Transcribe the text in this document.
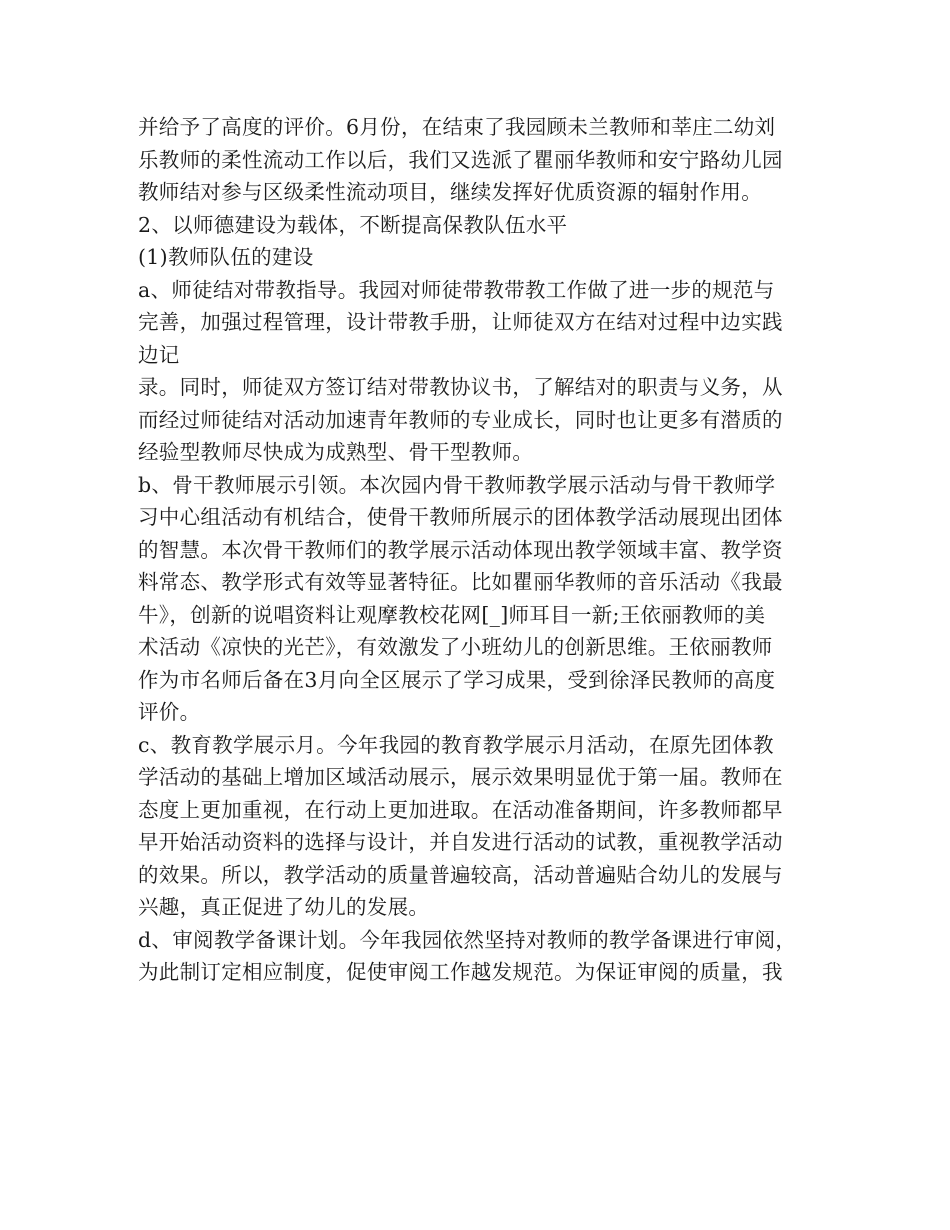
并给予了高度的评价。6月份，在结束了我园顾未兰教师和莘庄二幼刘
乐教师的柔性流动工作以后，我们又选派了瞿丽华教师和安宁路幼儿园
教师结对参与区级柔性流动项目，继续发挥好优质资源的辐射作用。
2、以师德建设为载体，不断提高保教队伍水平
(1)教师队伍的建设
a、师徒结对带教指导。我园对师徒带教带教工作做了进一步的规范与
完善，加强过程管理，设计带教手册，让师徒双方在结对过程中边实践
边记
录。同时，师徒双方签订结对带教协议书，了解结对的职责与义务，从
而经过师徒结对活动加速青年教师的专业成长，同时也让更多有潜质的
经验型教师尽快成为成熟型、骨干型教师。
b、骨干教师展示引领。本次园内骨干教师教学展示活动与骨干教师学
习中心组活动有机结合，使骨干教师所展示的团体教学活动展现出团体
的智慧。本次骨干教师们的教学展示活动体现出教学领域丰富、教学资
料常态、教学形式有效等显著特征。比如瞿丽华教师的音乐活动《我最
牛》，创新的说唱资料让观摩教校花网[_]师耳目一新;王依丽教师的美
术活动《凉快的光芒》，有效激发了小班幼儿的创新思维。王依丽教师
作为市名师后备在3月向全区展示了学习成果，受到徐泽民教师的高度
评价。
c、教育教学展示月。今年我园的教育教学展示月活动，在原先团体教
学活动的基础上增加区域活动展示，展示效果明显优于第一届。教师在
态度上更加重视，在行动上更加进取。在活动准备期间，许多教师都早
早开始活动资料的选择与设计，并自发进行活动的试教，重视教学活动
的效果。所以，教学活动的质量普遍较高，活动普遍贴合幼儿的发展与
兴趣，真正促进了幼儿的发展。
d、审阅教学备课计划。今年我园依然坚持对教师的教学备课进行审阅，
为此制订定相应制度，促使审阅工作越发规范。为保证审阅的质量，我
